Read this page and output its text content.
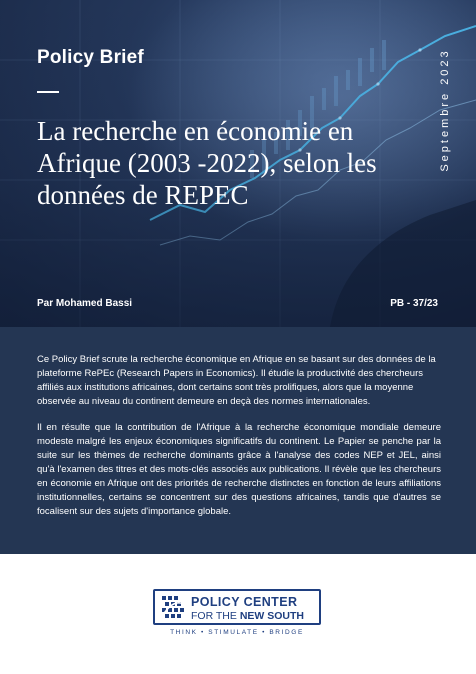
Policy Brief
La recherche en économie en Afrique (2003 -2022), selon les données de REPEC
Septembre 2023
Par Mohamed Bassi	PB - 37/23

Ce Policy Brief scrute la recherche économique en Afrique en se basant sur des données de la plateforme RePEc (Research Papers in Economics). Il étudie la productivité des chercheurs affiliés aux institutions africaines, dont certains sont très prolifiques, alors que la moyenne observée au niveau du continent demeure en deçà des normes internationales.

Il en résulte que la contribution de l'Afrique à la recherche économique mondiale demeure modeste malgré les enjeux économiques significatifs du continent. Le Papier se penche par la suite sur les thèmes de recherche dominants grâce à l'analyse des codes NEP et JEL, ainsi qu'à l'examen des titres et des mots-clés associés aux publications. Il révèle que les chercheurs en économie en Afrique ont des priorités de recherche distinctes en fonction de leurs affiliations institutionnelles, certains se concentrent sur des questions africaines, tandis que d'autres se focalisent sur des sujets d'importance globale.

POLICY CENTER
FOR THE NEW SOUTH
THINK • STIMULATE • BRIDGE
